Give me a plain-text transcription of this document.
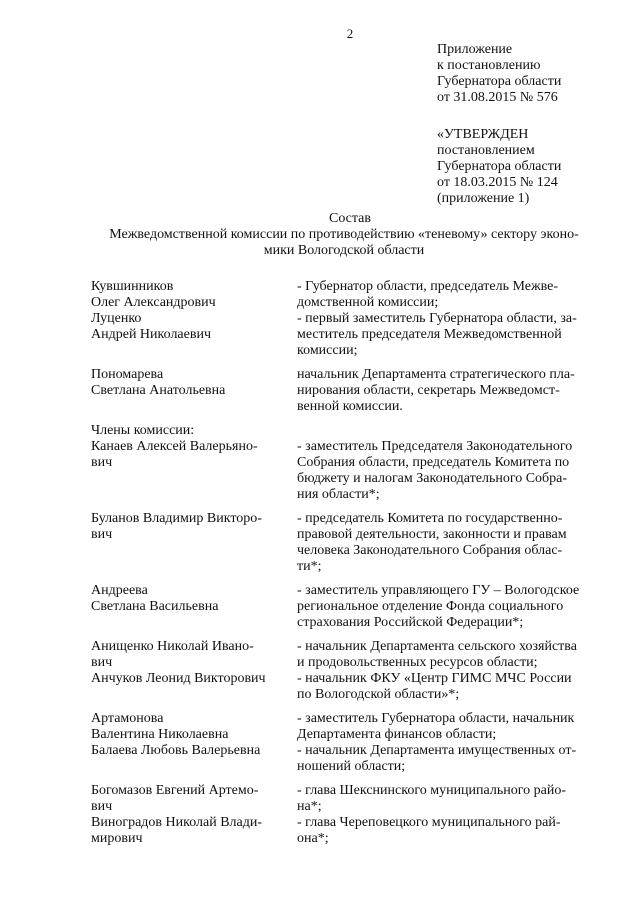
2
Приложение
к постановлению
Губернатора области
от 31.08.2015 № 576
«УТВЕРЖДЕН
постановлением
Губернатора области
от 18.03.2015 № 124
(приложение 1)
Состав
Межведомственной комиссии по противодействию «теневому» сектору эконо-
мики Вологодской области
Кувшинников
Олег Александрович
- Губернатор области, председатель Межве-
домственной комиссии;
Луценко
Андрей Николаевич
- первый заместитель Губернатора области, за-
меститель председателя Межведомственной
комиссии;
Пономарева
Светлана Анатольевна
начальник Департамента стратегического пла-
нирования области, секретарь Межведомст-
венной комиссии.
Члены комиссии:
Канаев Алексей Валерьяно-
вич
- заместитель Председателя Законодательного
Собрания области, председатель Комитета по
бюджету и налогам Законодательного Собра-
ния области*;
Буланов Владимир Викторо-
вич
- председатель Комитета по государственно-
правовой деятельности, законности и правам
человека Законодательного Собрания облас-
ти*;
Андреева
Светлана Васильевна
- заместитель управляющего ГУ – Вологодское
региональное отделение Фонда социального
страхования Российской Федерации*;
Анищенко Николай Ивано-
вич
- начальник Департамента сельского хозяйства
и продовольственных ресурсов области;
Анчуков Леонид Викторович	- начальник ФКУ «Центр ГИМС МЧС России
по Вологодской области»*;
Артамонова
Валентина Николаевна
- заместитель Губернатора области, начальник
Департамента финансов области;
Балаева Любовь Валерьевна	- начальник Департамента имущественных от-
ношений области;
Богомазов Евгений Артемо-
вич
- глава Шекснинского муниципального райо-
на*;
Виноградов Николай Влади-
мирович
- глава Череповецкого муниципального рай-
она*;
